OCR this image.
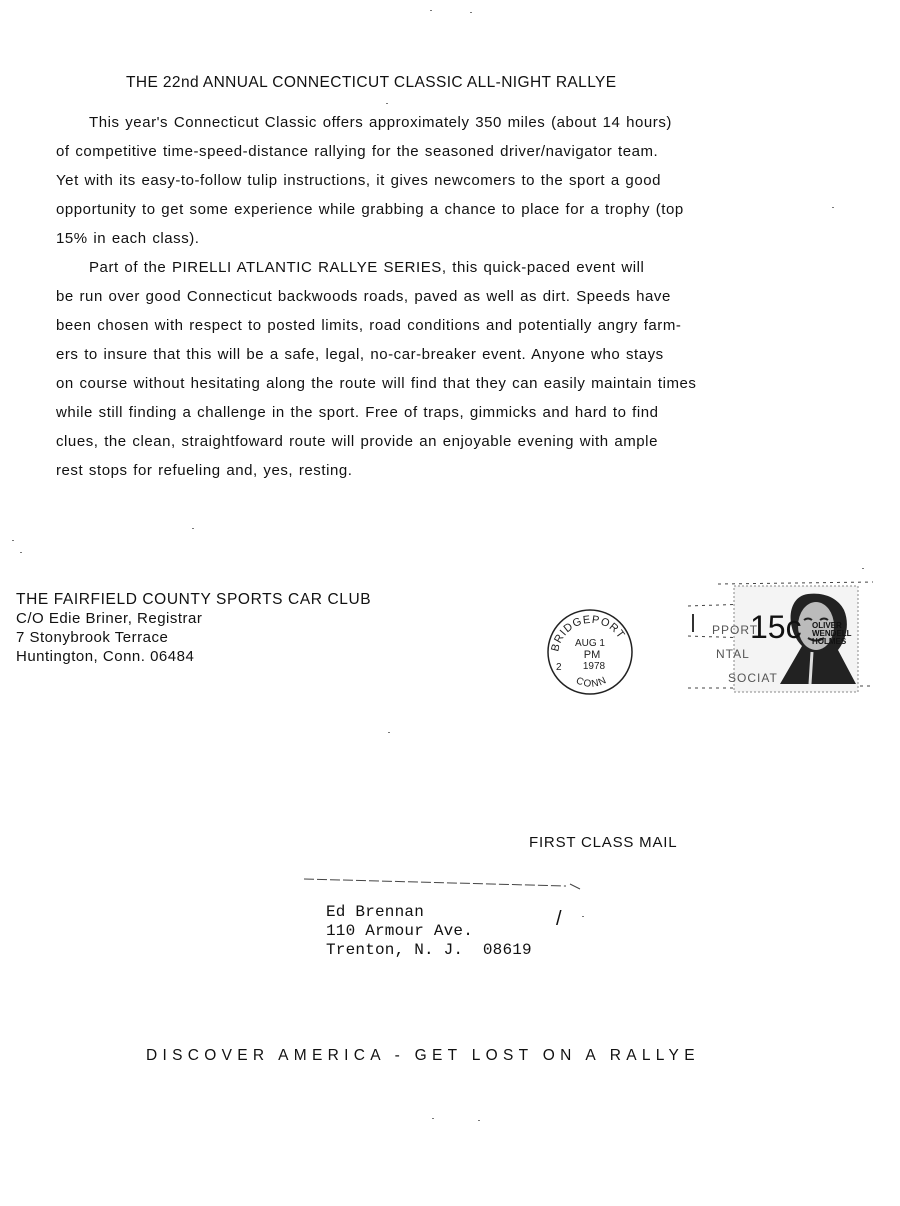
THE 22nd ANNUAL CONNECTICUT CLASSIC ALL-NIGHT RALLYE
This year's Connecticut Classic offers approximately 350 miles (about 14 hours)
of competitive time-speed-distance rallying for the seasoned driver/navigator team.
Yet with its easy-to-follow tulip instructions, it gives newcomers to the sport a good
opportunity to get some experience while grabbing a chance to place for a trophy (top
15% in each class).
Part of the PIRELLI ATLANTIC RALLYE SERIES, this quick-paced event will
be run over good Connecticut backwoods roads, paved as well as dirt. Speeds have
been chosen with respect to posted limits, road conditions and potentially angry farm-
ers to insure that this will be a safe, legal, no-car-breaker event. Anyone who stays
on course without hesitating along the route will find that they can easily maintain times
while still finding a challenge in the sport. Free of traps, gimmicks and hard to find
clues, the clean, straightfoward route will provide an enjoyable evening with ample
rest stops for refueling and, yes, resting.
THE FAIRFIELD COUNTY SPORTS CAR CLUB
C/O Edie Briner, Registrar
7 Stonybrook Terrace
Huntington, Conn. 06484
BRIDGEPORT
CONN
AUG 1
PM
1978
2
15c OLIVER
WENDELL
HOLMES
PPORT
NTAL
SOCIAT
FIRST CLASS MAIL
Ed Brennan
110 Armour Ave.
Trenton, N. J. 08619
/
DISCOVER AMERICA - GET LOST ON A RALLYE
